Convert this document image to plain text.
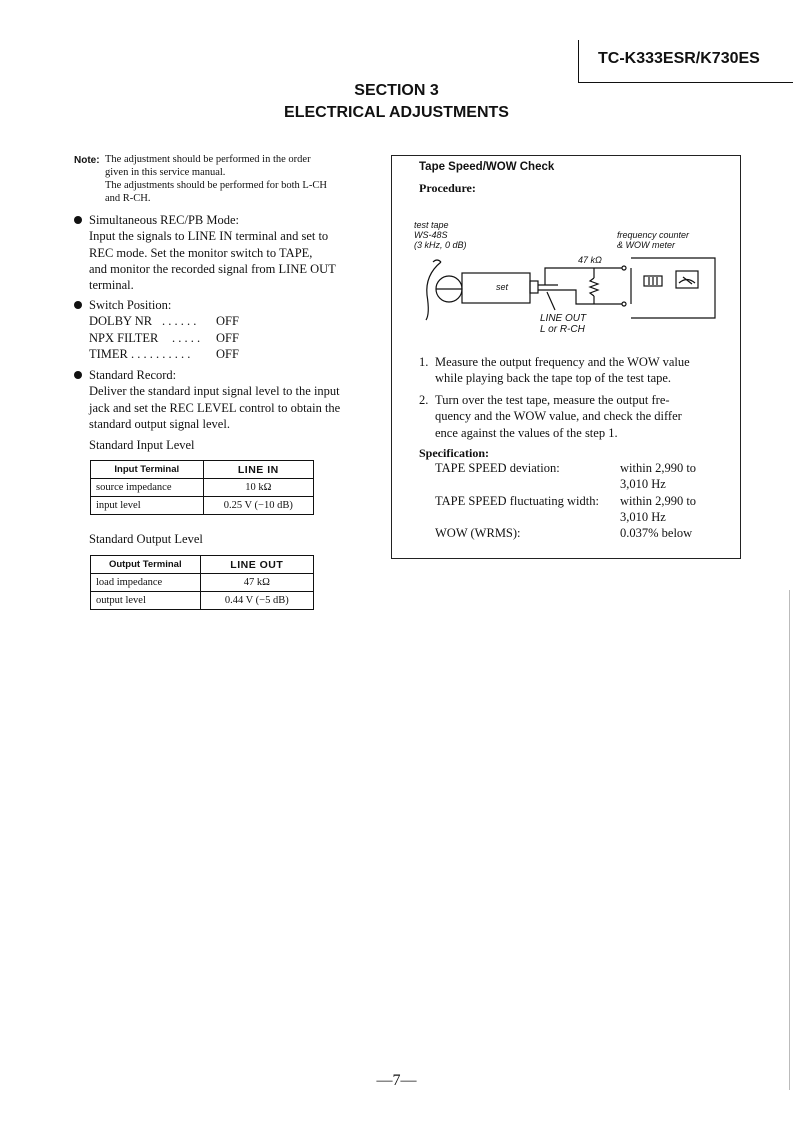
TC-K333ESR/K730ES
SECTION 3
ELECTRICAL ADJUSTMENTS
Note: The adjustment should be performed in the order
given in this service manual.
The adjustments should be performed for both L-CH
and R-CH.
Simultaneous REC/PB Mode:
Input the signals to LINE IN terminal and set to
REC mode. Set the monitor switch to TAPE,
and monitor the recorded signal from LINE OUT
terminal.
Switch Position:
DOLBY NR . . . . . . OFF
NPX FILTER . . . . . OFF
TIMER . . . . . . . . . . OFF
Standard Record:
Deliver the standard input signal level to the input
jack and set the REC LEVEL control to obtain the
standard output signal level.
Standard Input Level
Input Terminal	LINE IN
source impedance	10 kΩ
input level	0.25 V (−10 dB)
Standard Output Level
Output Terminal	LINE OUT
load impedance	47 kΩ
output level	0.44 V (−5 dB)
Tape Speed/WOW Check
Procedure:
test tape
WS-48S
(3 kHz, 0 dB)
frequency counter
& WOW meter
47 kΩ
set
LINE OUT
L or R-CH
1. Measure the output frequency and the WOW value
while playing back the tape top of the test tape.
2. Turn over the test tape, measure the output fre-
quency and the WOW value, and check the differ
ence against the values of the step 1.
Specification:
TAPE SPEED deviation:	within 2,990 to
3,010 Hz
TAPE SPEED fluctuating width: within 2,990 to
3,010 Hz
WOW (WRMS):	0.037% below
—7—
